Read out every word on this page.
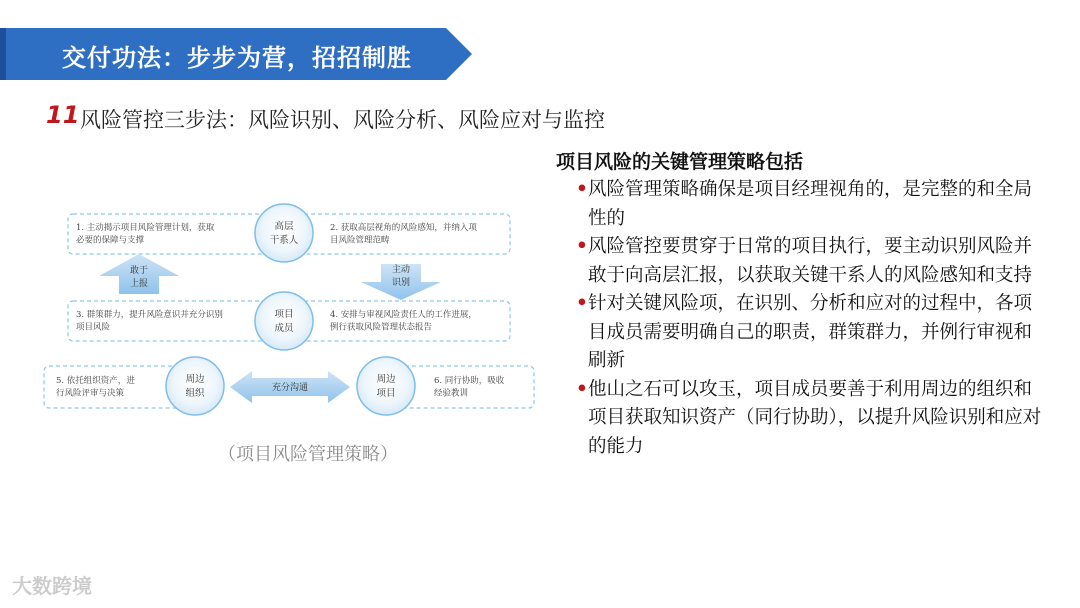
交付功法：步步为营，招招制胜
11 风险管控三步法：风险识别、风险分析、风险应对与监控
1. 主动揭示项目风险管理计划，获取必要的保障与支撑
2. 获取高层视角的风险感知，并纳入项目风险管理范畴
3. 群策群力，提升风险意识并充分识别项目风险
4. 安排与审视风险责任人的工作进展，例行获取风险管理状态报告
5. 依托组织资产，进行风险评审与决策
6. 同行协助，吸收经验教训
敢于上报
主动识别
充分沟通
高层干系人
项目成员
周边组织
周边项目
（项目风险管理策略）
项目风险的关键管理策略包括
• 风险管理策略确保是项目经理视角的，是完整的和全局性的
• 风险管控要贯穿于日常的项目执行，要主动识别风险并敢于向高层汇报，以获取关键干系人的风险感知和支持
• 针对关键风险项，在识别、分析和应对的过程中，各项目成员需要明确自己的职责，群策群力，并例行审视和刷新
• 他山之石可以攻玉，项目成员要善于利用周边的组织和项目获取知识资产（同行协助），以提升风险识别和应对的能力
大数跨境
